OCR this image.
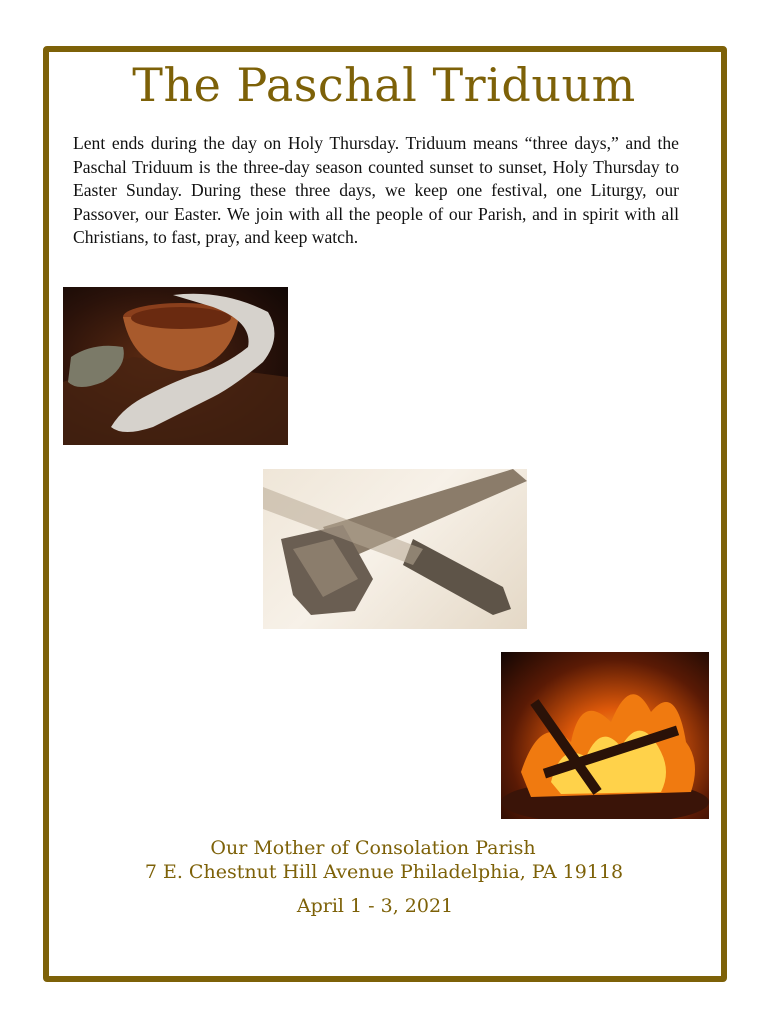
The Paschal Triduum

Lent ends during the day on Holy Thursday. Triduum means “three days,” and the Paschal Triduum is the three-day season counted sunset to sunset, Holy Thursday to Easter Sunday. During these three days, we keep one festival, one Liturgy, our Passover, our Easter. We join with all the people of our Parish, and in spirit with all Christians, to fast, pray, and keep watch.

Our Mother of Consolation Parish
7 E. Chestnut Hill Avenue Philadelphia, PA 19118
April 1 - 3, 2021
